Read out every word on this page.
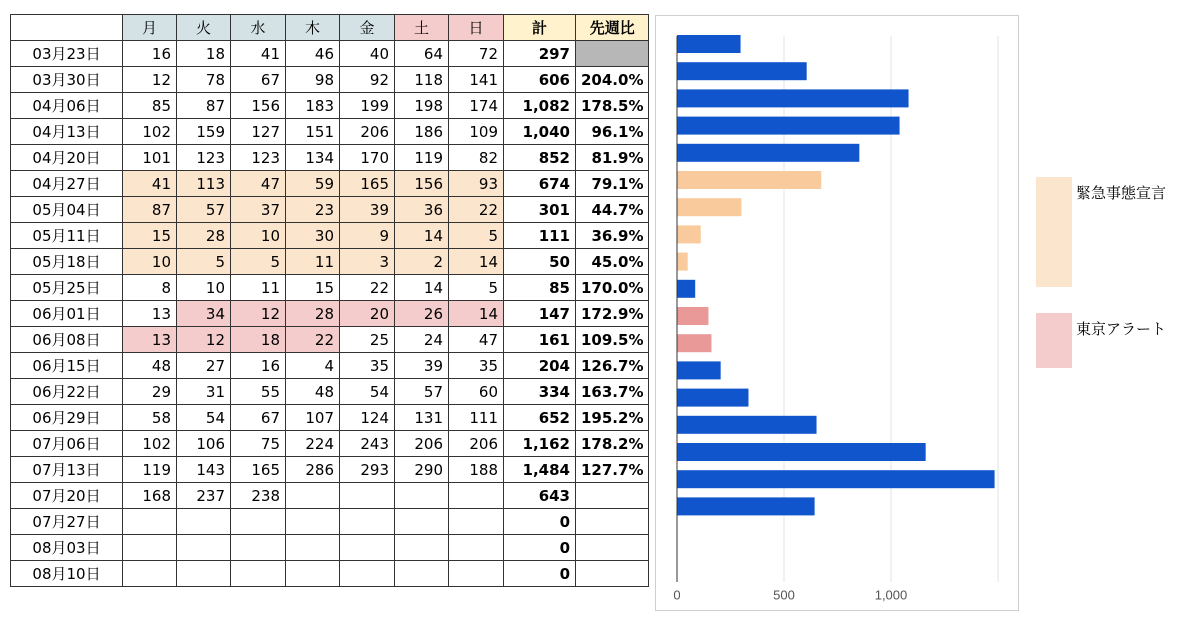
	月	火	水	木	金	土	日	計	先週比
03月23日	16	18	41	46	40	64	72	297	
03月30日	12	78	67	98	92	118	141	606	204.0%
04月06日	85	87	156	183	199	198	174	1,082	178.5%
04月13日	102	159	127	151	206	186	109	1,040	96.1%
04月20日	101	123	123	134	170	119	82	852	81.9%
04月27日	41	113	47	59	165	156	93	674	79.1%
05月04日	87	57	37	23	39	36	22	301	44.7%
05月11日	15	28	10	30	9	14	5	111	36.9%
05月18日	10	5	5	11	3	2	14	50	45.0%
05月25日	8	10	11	15	22	14	5	85	170.0%
06月01日	13	34	12	28	20	26	14	147	172.9%
06月08日	13	12	18	22	25	24	47	161	109.5%
06月15日	48	27	16	4	35	39	35	204	126.7%
06月22日	29	31	55	48	54	57	60	334	163.7%
06月29日	58	54	67	107	124	131	111	652	195.2%
07月06日	102	106	75	224	243	206	206	1,162	178.2%
07月13日	119	143	165	286	293	290	188	1,484	127.7%
07月20日	168	237	238					643	
07月27日								0	
08月03日								0	
08月10日								0	
0	500	1,000
緊急事態宣言
東京アラート
